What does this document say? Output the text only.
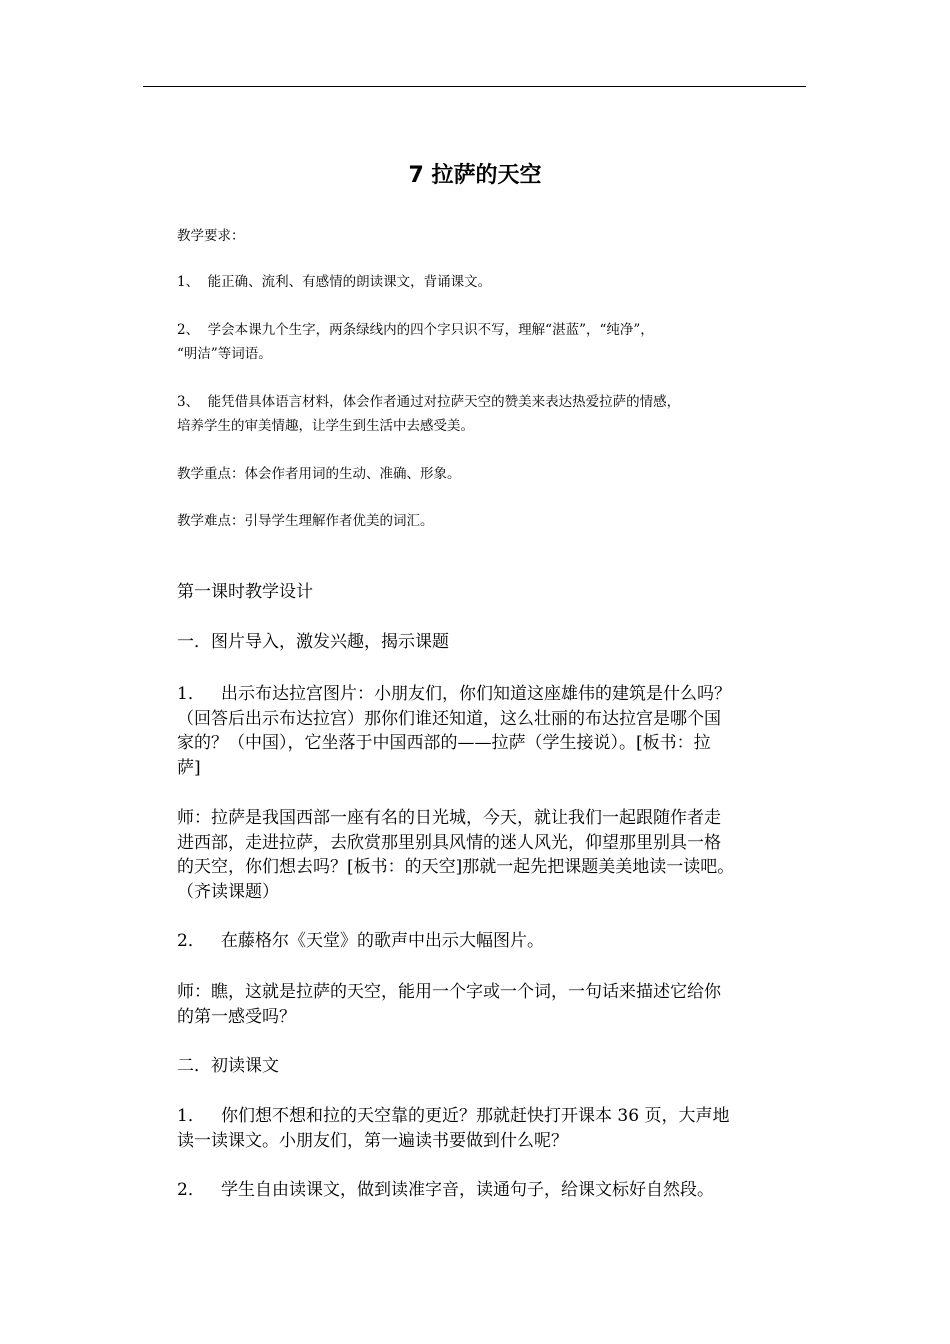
7 拉萨的天空

教学要求：

1、  能正确、流利、有感情的朗读课文，背诵课文。

2、  学会本课九个生字，两条绿线内的四个字只识不写，理解“湛蓝”，“纯净”，
“明洁”等词语。

3、  能凭借具体语言材料，体会作者通过对拉萨天空的赞美来表达热爱拉萨的情感，
培养学生的审美情趣，让学生到生活中去感受美。

教学重点：体会作者用词的生动、准确、形象。

教学难点：引导学生理解作者优美的词汇。

第一课时教学设计

一．图片导入，激发兴趣，揭示课题

1．   出示布达拉宫图片：小朋友们，你们知道这座雄伟的建筑是什么吗？
（回答后出示布达拉宫）那你们谁还知道，这么壮丽的布达拉宫是哪个国
家的？（中国），它坐落于中国西部的——拉萨（学生接说）。[板书：拉
萨]

师：拉萨是我国西部一座有名的日光城，今天，就让我们一起跟随作者走
进西部，走进拉萨，去欣赏那里别具风情的迷人风光，仰望那里别具一格
的天空，你们想去吗？[板书：的天空]那就一起先把课题美美地读一读吧。
（齐读课题）

2．   在藤格尔《天堂》的歌声中出示大幅图片。

师：瞧，这就是拉萨的天空，能用一个字或一个词，一句话来描述它给你
的第一感受吗？

二．初读课文

1．   你们想不想和拉的天空靠的更近？那就赶快打开课本 36 页，大声地
读一读课文。小朋友们，第一遍读书要做到什么呢？

2．   学生自由读课文，做到读准字音，读通句子，给课文标好自然段。
